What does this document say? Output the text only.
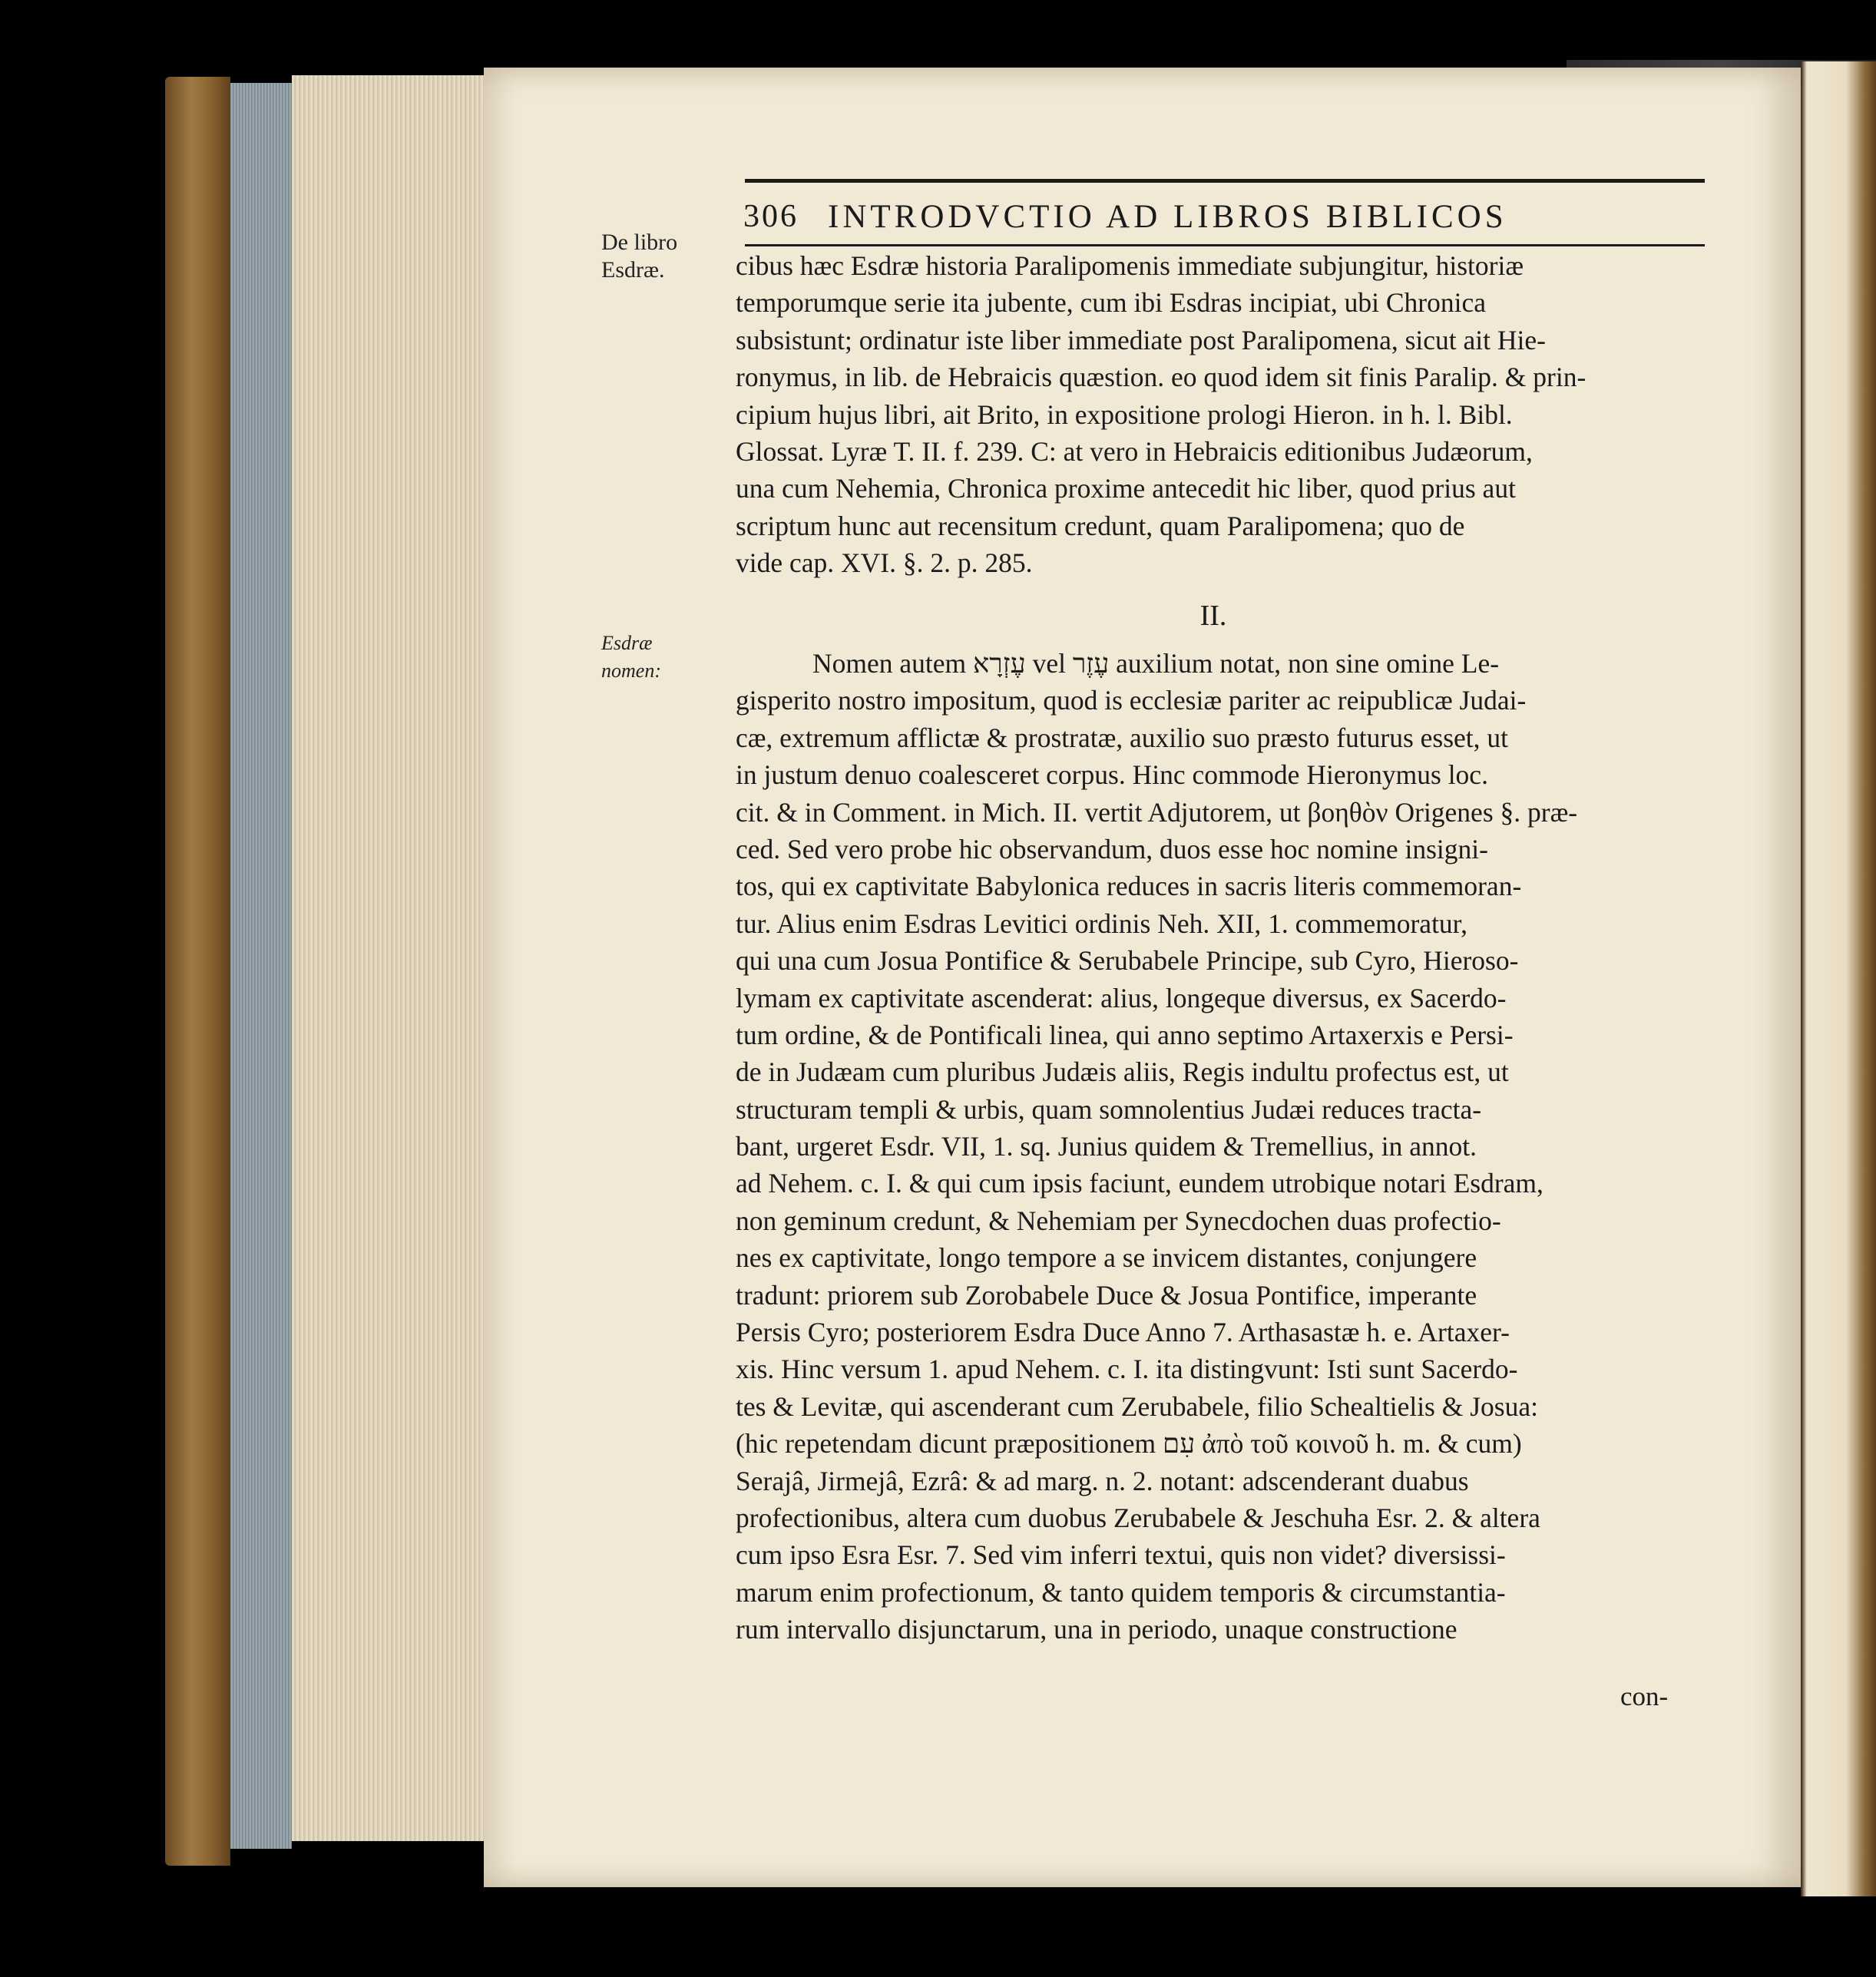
306 INTRODVCTIO AD LIBROS BIBLICOS
De libro Esdræ.
Esdræ nomen:
cibus hæc Esdræ historia Paralipomenis immediate subjungitur, historiæ
temporumque serie ita jubente, cum ibi Esdras incipiat, ubi Chronica
subsistunt; ordinatur iste liber immediate post Paralipomena, sicut ait Hie-
ronymus, in lib. de Hebraicis quæstion. eo quod idem sit finis Paralip. & prin-
cipium hujus libri, ait Brito, in expositione prologi Hieron. in h. l. Bibl.
Glossat. Lyræ T. II. f. 239. C: at vero in Hebraicis editionibus Judæorum,
una cum Nehemia, Chronica proxime antecedit hic liber, quod prius aut
scriptum hunc aut recensitum credunt, quam Paralipomena; quo de
vide cap. XVI. §. 2. p. 285.
II.
Nomen autem עֶזְרָא vel עֶזֶר auxilium notat, non sine omine Le-
gisperito nostro impositum, quod is ecclesiæ pariter ac reipublicæ Judai-
cæ, extremum afflictæ & prostratæ, auxilio suo præsto futurus esset, ut
in justum denuo coalesceret corpus. Hinc commode Hieronymus loc.
cit. & in Comment. in Mich. II. vertit Adjutorem, ut βοηθὸν Origenes §. præ-
ced. Sed vero probe hic observandum, duos esse hoc nomine insigni-
tos, qui ex captivitate Babylonica reduces in sacris literis commemoran-
tur. Alius enim Esdras Levitici ordinis Neh. XII, 1. commemoratur,
qui una cum Josua Pontifice & Serubabele Principe, sub Cyro, Hieroso-
lymam ex captivitate ascenderat: alius, longeque diversus, ex Sacerdo-
tum ordine, & de Pontificali linea, qui anno septimo Artaxerxis e Persi-
de in Judæam cum pluribus Judæis aliis, Regis indultu profectus est, ut
structuram templi & urbis, quam somnolentius Judæi reduces tracta-
bant, urgeret Esdr. VII, 1. sq. Junius quidem & Tremellius, in annot.
ad Nehem. c. I. & qui cum ipsis faciunt, eundem utrobique notari Esdram,
non geminum credunt, & Nehemiam per Synecdochen duas profectio-
nes ex captivitate, longo tempore a se invicem distantes, conjungere
tradunt: priorem sub Zorobabele Duce & Josua Pontifice, imperante
Persis Cyro; posteriorem Esdra Duce Anno 7. Arthasastæ h. e. Artaxer-
xis. Hinc versum 1. apud Nehem. c. I. ita distingvunt: Isti sunt Sacerdo-
tes & Levitæ, qui ascenderant cum Zerubabele, filio Schealtielis & Josua:
(hic repetendam dicunt præpositionem עִם ἀπὸ τοῦ κοινοῦ h. m. & cum)
Serajâ, Jirmejâ, Ezrâ: & ad marg. n. 2. notant: adscenderant duabus
profectionibus, altera cum duobus Zerubabele & Jeschuha Esr. 2. & altera
cum ipso Esra Esr. 7. Sed vim inferri textui, quis non videt? diversissi-
marum enim profectionum, & tanto quidem temporis & circumstantia-
rum intervallo disjunctarum, una in periodo, unaque constructione
con-
